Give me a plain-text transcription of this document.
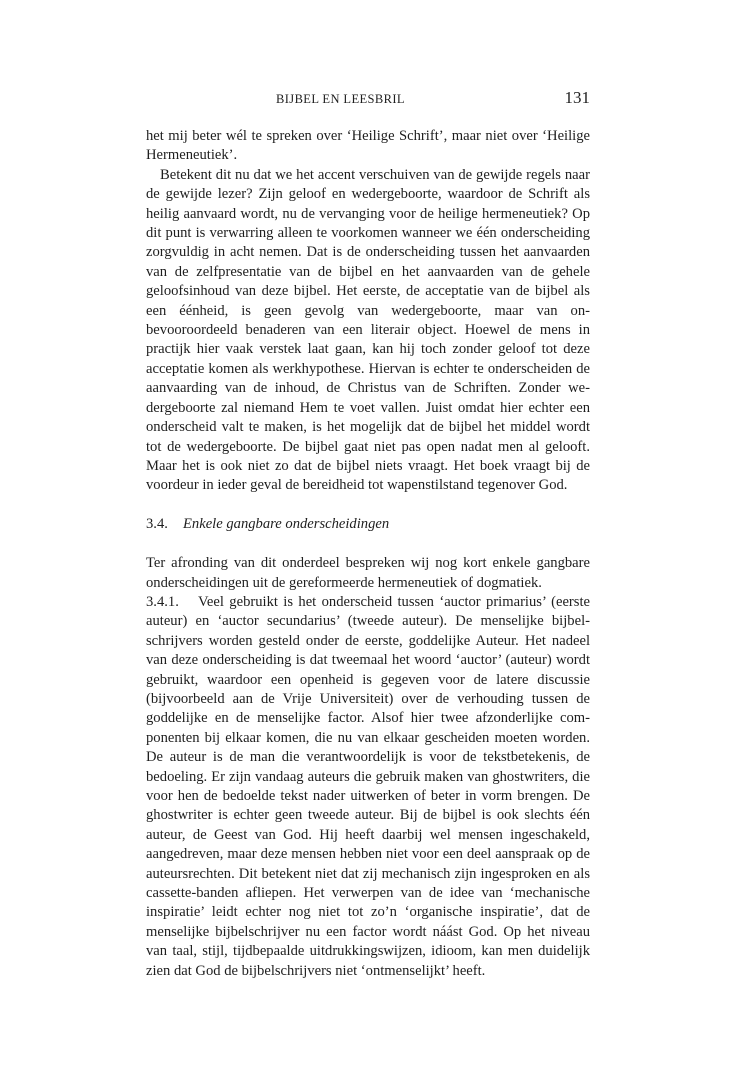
BIJBEL EN LEESBRIL	131

het mij beter wél te spreken over ‘Heilige Schrift’, maar niet over ‘Heilige Hermeneutiek’.

Betekent dit nu dat we het accent verschuiven van de gewijde regels naar de gewijde lezer? Zijn geloof en wedergeboorte, waardoor de Schrift als heilig aanvaard wordt, nu de vervanging voor de heilige hermeneutiek? Op dit punt is verwarring alleen te voorkomen wanneer we één onderscheiding zorgvuldig in acht nemen. Dat is de onderscheiding tussen het aanvaarden van de zelfpresentatie van de bijbel en het aanvaarden van de gehele geloofsinhoud van deze bijbel. Het eerste, de acceptatie van de bijbel als een éénheid, is geen gevolg van wedergeboorte, maar van onbevooroordeeld benaderen van een literair object. Hoewel de mens in practijk hier vaak verstek laat gaan, kan hij toch zonder geloof tot deze acceptatie komen als werkhypothese. Hiervan is echter te onderscheiden de aanvaarding van de inhoud, de Christus van de Schriften. Zonder wedergeboorte zal niemand Hem te voet vallen. Juist omdat hier echter een onderscheid valt te maken, is het mogelijk dat de bijbel het middel wordt tot de wedergeboorte. De bijbel gaat niet pas open nadat men al gelooft. Maar het is ook niet zo dat de bijbel niets vraagt. Het boek vraagt bij de voordeur in ieder geval de bereidheid tot wapenstilstand tegenover God.

3.4. Enkele gangbare onderscheidingen

Ter afronding van dit onderdeel bespreken wij nog kort enkele gangbare onderscheidingen uit de gereformeerde hermeneutiek of dogmatiek.

3.4.1. Veel gebruikt is het onderscheid tussen ‘auctor primarius’ (eerste auteur) en ‘auctor secundarius’ (tweede auteur). De menselijke bijbelschrijvers worden gesteld onder de eerste, goddelijke Auteur. Het nadeel van deze onderscheiding is dat tweemaal het woord ‘auctor’ (auteur) wordt gebruikt, waardoor een openheid is gegeven voor de latere discussie (bijvoorbeeld aan de Vrije Universiteit) over de verhouding tussen de goddelijke en de menselijke factor. Alsof hier twee afzonderlijke componenten bij elkaar komen, die nu van elkaar gescheiden moeten worden. De auteur is de man die verantwoordelijk is voor de tekstbetekenis, de bedoeling. Er zijn vandaag auteurs die gebruik maken van ghostwriters, die voor hen de bedoelde tekst nader uitwerken of beter in vorm brengen. De ghostwriter is echter geen tweede auteur. Bij de bijbel is ook slechts één auteur, de Geest van God. Hij heeft daarbij wel mensen ingeschakeld, aangedreven, maar deze mensen hebben niet voor een deel aanspraak op de auteursrechten. Dit betekent niet dat zij mechanisch zijn ingesproken en als cassette-banden afliepen. Het verwerpen van de idee van ‘mechanische inspiratie’ leidt echter nog niet tot zo’n ‘organische inspiratie’, dat de menselijke bijbelschrijver nu een factor wordt náást God. Op het niveau van taal, stijl, tijdbepaalde uitdrukkingswijzen, idioom, kan men duidelijk zien dat God de bijbelschrijvers niet ‘ontmenselijkt’ heeft.
